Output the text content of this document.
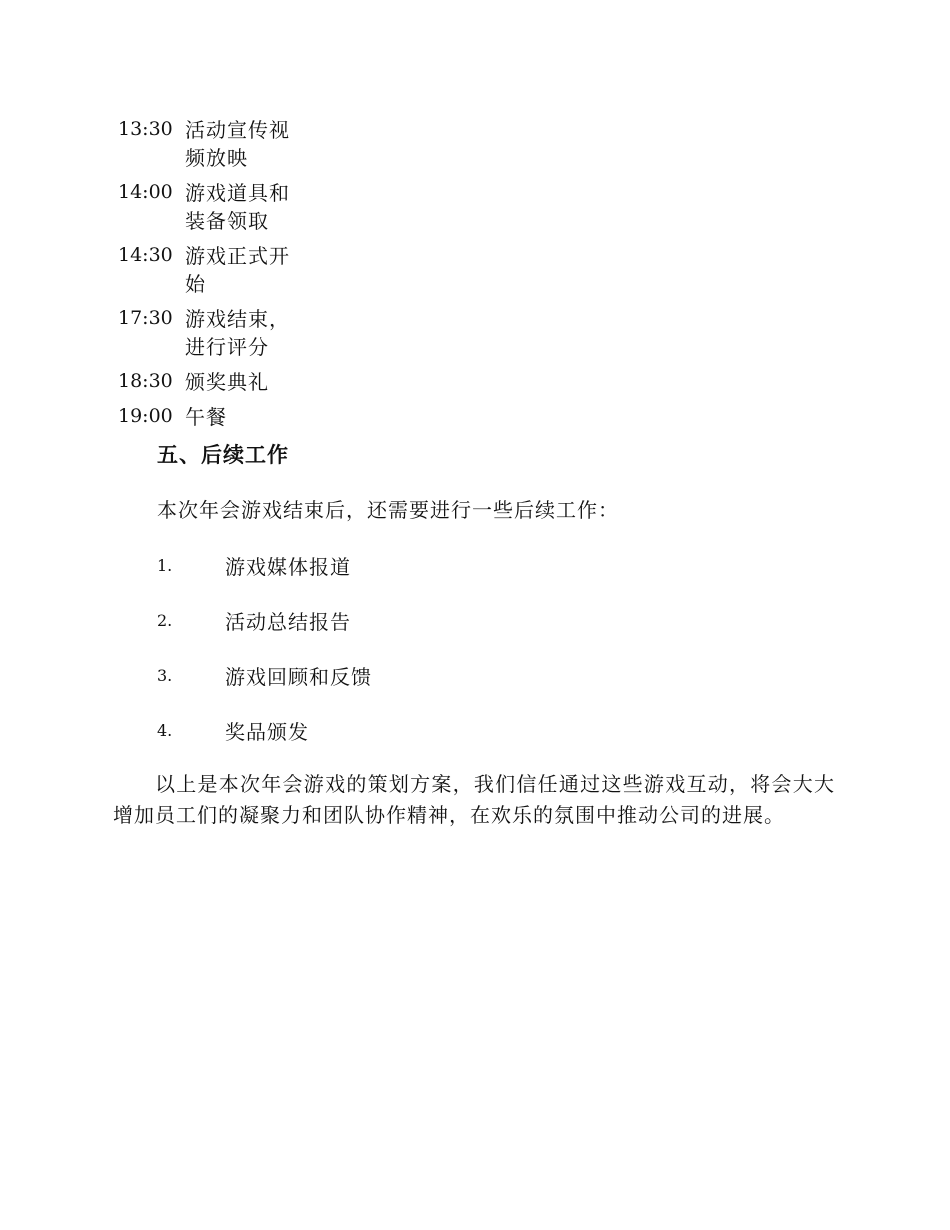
13:30 活动宣传视频放映
14:00 游戏道具和装备领取
14:30 游戏正式开始
17:30 游戏结束，进行评分
18:30 颁奖典礼
19:00 午餐
五、后续工作
本次年会游戏结束后，还需要进行一些后续工作：
1.	游戏媒体报道
2.	活动总结报告
3.	游戏回顾和反馈
4.	奖品颁发
以上是本次年会游戏的策划方案，我们信任通过这些游戏互动，将会大大增加员工们的凝聚力和团队协作精神，在欢乐的氛围中推动公司的进展。
